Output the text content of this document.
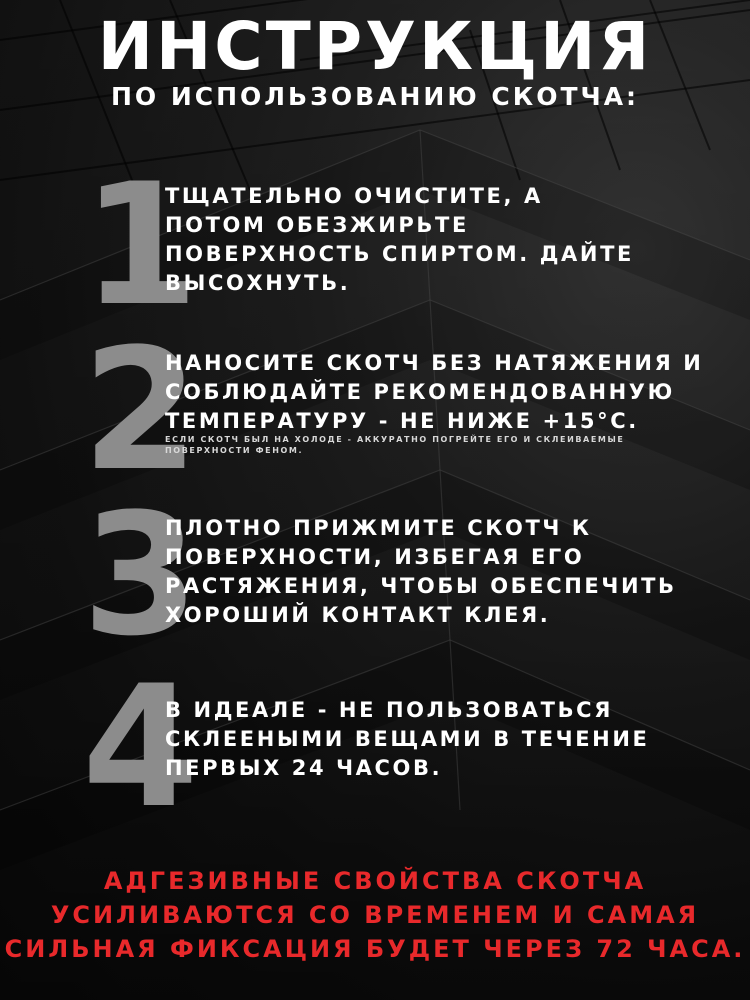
ИНСТРУКЦИЯ
ПО ИСПОЛЬЗОВАНИЮ СКОТЧА:
1
ТЩАТЕЛЬНО ОЧИСТИТЕ, А
ПОТОМ ОБЕЗЖИРЬТЕ
ПОВЕРХНОСТЬ СПИРТОМ. ДАЙТЕ
ВЫСОХНУТЬ.
2
НАНОСИТЕ СКОТЧ БЕЗ НАТЯЖЕНИЯ И
СОБЛЮДАЙТЕ РЕКОМЕНДОВАННУЮ
ТЕМПЕРАТУРУ - НЕ НИЖЕ +15°С.
ЕСЛИ СКОТЧ БЫЛ НА ХОЛОДЕ - АККУРАТНО ПОГРЕЙТЕ ЕГО И СКЛЕИВАЕМЫЕ
ПОВЕРХНОСТИ ФЕНОМ.
3
ПЛОТНО ПРИЖМИТЕ СКОТЧ К
ПОВЕРХНОСТИ, ИЗБЕГАЯ ЕГО
РАСТЯЖЕНИЯ, ЧТОБЫ ОБЕСПЕЧИТЬ
ХОРОШИЙ КОНТАКТ КЛЕЯ.
4
В ИДЕАЛЕ - НЕ ПОЛЬЗОВАТЬСЯ
СКЛЕЕНЫМИ ВЕЩАМИ В ТЕЧЕНИЕ
ПЕРВЫХ 24 ЧАСОВ.
АДГЕЗИВНЫЕ СВОЙСТВА СКОТЧА
УСИЛИВАЮТСЯ СО ВРЕМЕНЕМ И САМАЯ
СИЛЬНАЯ ФИКСАЦИЯ БУДЕТ ЧЕРЕЗ 72 ЧАСА.
